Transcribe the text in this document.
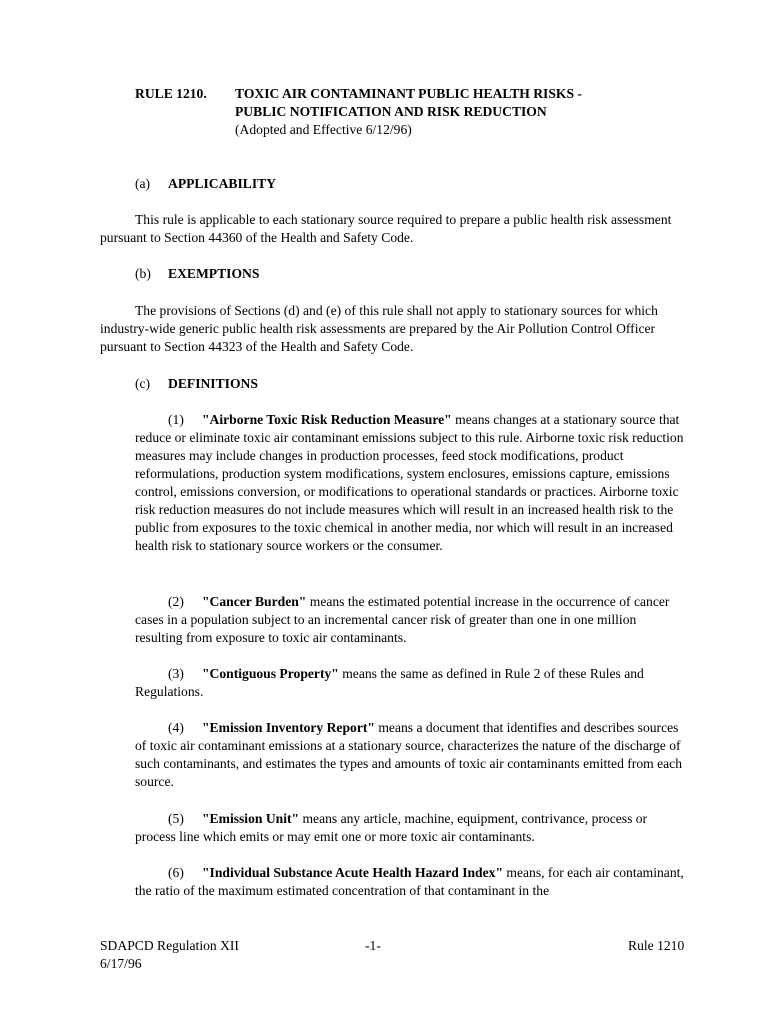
RULE 1210. TOXIC AIR CONTAMINANT PUBLIC HEALTH RISKS -
PUBLIC NOTIFICATION AND RISK REDUCTION
(Adopted and Effective 6/12/96)
(a) APPLICABILITY
This rule is applicable to each stationary source required to prepare a public health risk assessment pursuant to Section 44360 of the Health and Safety Code.
(b) EXEMPTIONS
The provisions of Sections (d) and (e) of this rule shall not apply to stationary sources for which industry-wide generic public health risk assessments are prepared by the Air Pollution Control Officer pursuant to Section 44323 of the Health and Safety Code.
(c) DEFINITIONS
(1) "Airborne Toxic Risk Reduction Measure" means changes at a stationary source that reduce or eliminate toxic air contaminant emissions subject to this rule. Airborne toxic risk reduction measures may include changes in production processes, feed stock modifications, product reformulations, production system modifications, system enclosures, emissions capture, emissions control, emissions conversion, or modifications to operational standards or practices. Airborne toxic risk reduction measures do not include measures which will result in an increased health risk to the public from exposures to the toxic chemical in another media, nor which will result in an increased health risk to stationary source workers or the consumer.
(2) "Cancer Burden" means the estimated potential increase in the occurrence of cancer cases in a population subject to an incremental cancer risk of greater than one in one million resulting from exposure to toxic air contaminants.
(3) "Contiguous Property" means the same as defined in Rule 2 of these Rules and Regulations.
(4) "Emission Inventory Report" means a document that identifies and describes sources of toxic air contaminant emissions at a stationary source, characterizes the nature of the discharge of such contaminants, and estimates the types and amounts of toxic air contaminants emitted from each source.
(5) "Emission Unit" means any article, machine, equipment, contrivance, process or process line which emits or may emit one or more toxic air contaminants.
(6) "Individual Substance Acute Health Hazard Index" means, for each air contaminant, the ratio of the maximum estimated concentration of that contaminant in the
SDAPCD Regulation XII
6/17/96
-1-	Rule 1210
